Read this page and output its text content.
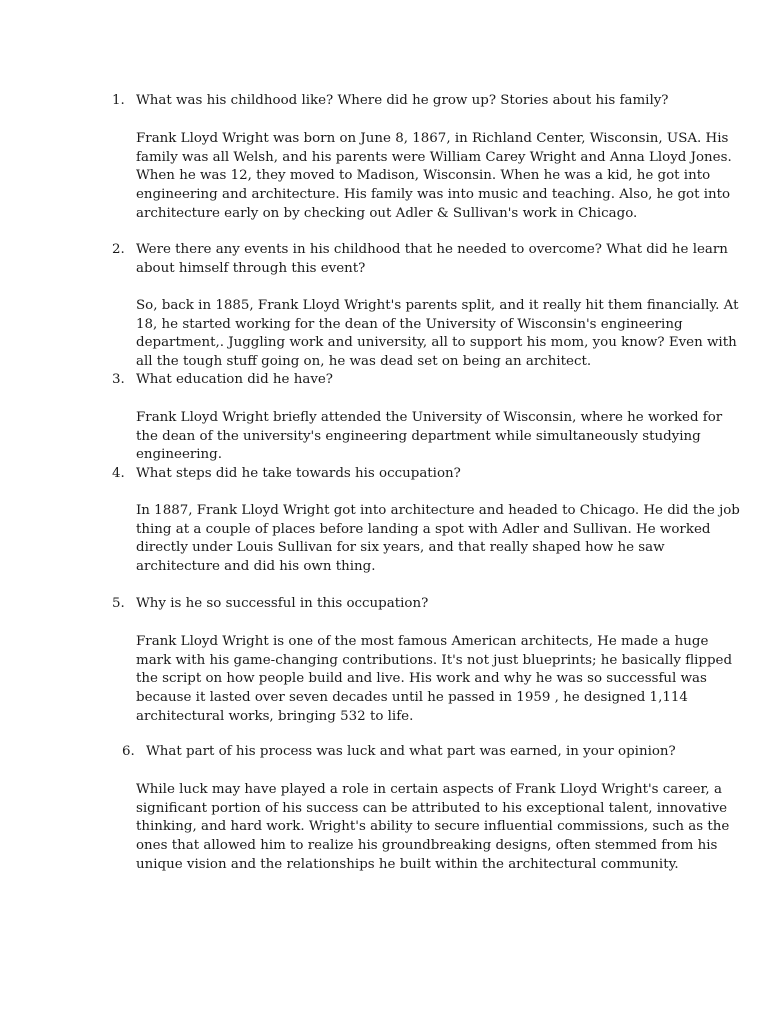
1. What was his childhood like? Where did he grow up? Stories about his family?

Frank Lloyd Wright was born on June 8, 1867, in Richland Center, Wisconsin, USA. His

family was all Welsh, and his parents were William Carey Wright and Anna Lloyd Jones.

When he was 12, they moved to Madison, Wisconsin. When he was a kid, he got into

engineering and architecture. His family was into music and teaching. Also, he got into

architecture early on by checking out Adler & Sullivan's work in Chicago.

2. Were there any events in his childhood that he needed to overcome? What did he learn
about himself through this event?

So, back in 1885, Frank Lloyd Wright's parents split, and it really hit them financially. At

18, he started working for the dean of the University of Wisconsin's engineering

department,. Juggling work and university, all to support his mom, you know? Even with

all the tough stuff going on, he was dead set on being an architect.

3. What education did he have?

Frank Lloyd Wright briefly attended the University of Wisconsin, where he worked for

the dean of the university's engineering department while simultaneously studying

engineering.

4. What steps did he take towards his occupation?

In 1887, Frank Lloyd Wright got into architecture and headed to Chicago. He did the job

thing at a couple of places before landing a spot with Adler and Sullivan. He worked

directly under Louis Sullivan for six years, and that really shaped how he saw

architecture and did his own thing.

5. Why is he so successful in this occupation?

Frank Lloyd Wright is one of the most famous American architects, He made a huge

mark with his game-changing contributions. It's not just blueprints; he basically flipped

the script on how people build and live. His work and why he was so successful was

because it lasted over seven decades until he passed in 1959 , he designed 1,114

architectural works, bringing 532 to life.

6. What part of his process was luck and what part was earned, in your opinion?

While luck may have played a role in certain aspects of Frank Lloyd Wright's career, a

significant portion of his success can be attributed to his exceptional talent, innovative

thinking, and hard work. Wright's ability to secure influential commissions, such as the

ones that allowed him to realize his groundbreaking designs, often stemmed from his

unique vision and the relationships he built within the architectural community.
